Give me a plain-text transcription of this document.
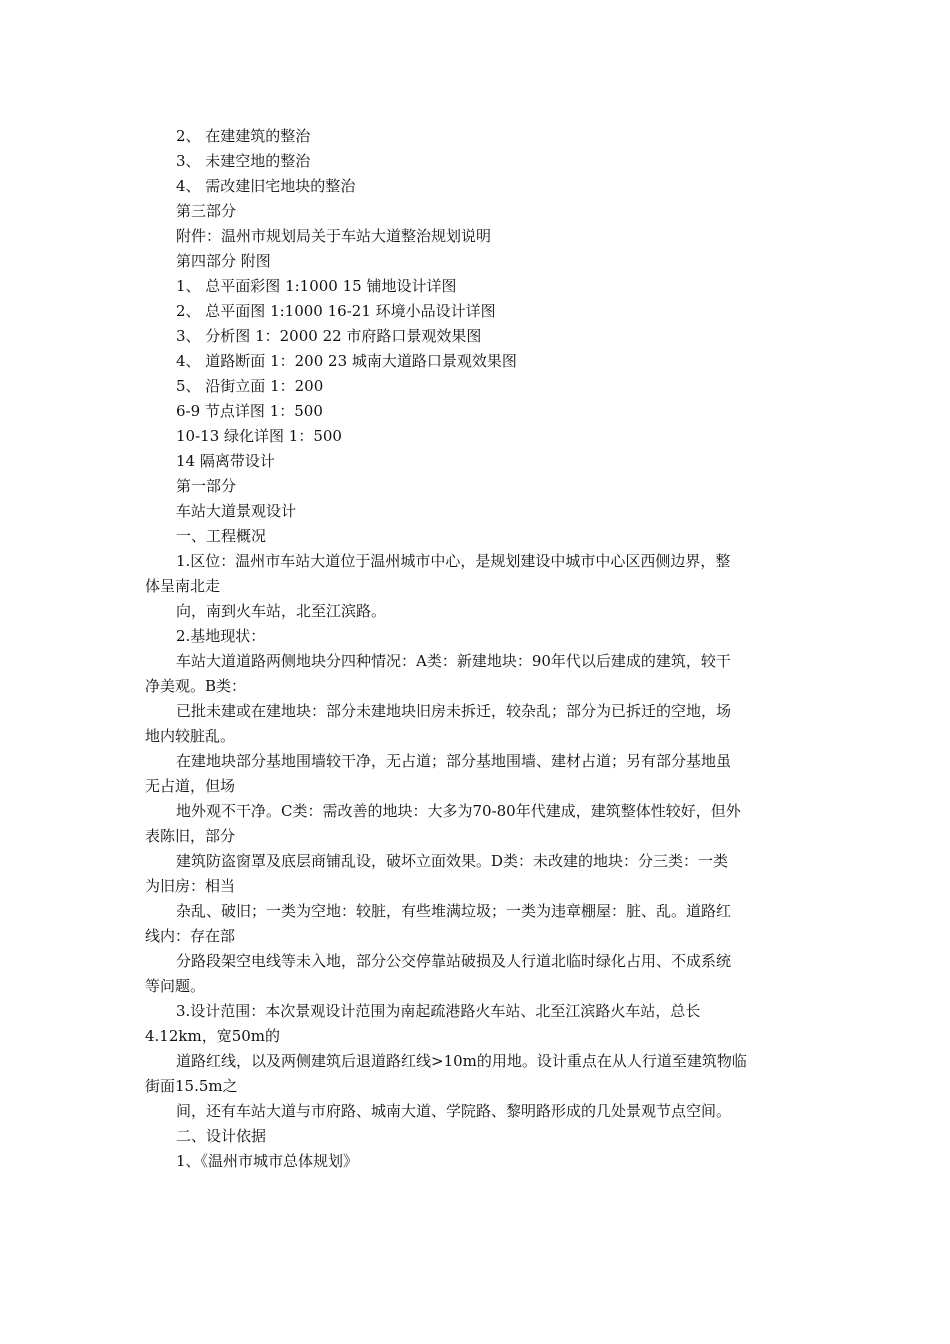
2、 在建建筑的整治
3、 未建空地的整治
4、 需改建旧宅地块的整治
第三部分
附件：温州市规划局关于车站大道整治规划说明
第四部分 附图
1、 总平面彩图 1:1000 15 铺地设计详图
2、 总平面图 1:1000 16-21 环境小品设计详图
3、 分析图 1：2000 22 市府路口景观效果图
4、 道路断面 1：200 23 城南大道路口景观效果图
5、 沿街立面 1：200
6-9 节点详图 1：500
10-13 绿化详图 1：500
14 隔离带设计
第一部分
车站大道景观设计
一、工程概况
1.区位：温州市车站大道位于温州城市中心，是规划建设中城市中心区西侧边界，整
体呈南北走
向，南到火车站，北至江滨路。
2.基地现状：
车站大道道路两侧地块分四种情况：A类：新建地块：90年代以后建成的建筑，较干
净美观。B类：
已批未建或在建地块：部分未建地块旧房未拆迁，较杂乱；部分为已拆迁的空地，场
地内较脏乱。
在建地块部分基地围墙较干净，无占道；部分基地围墙、建材占道；另有部分基地虽
无占道，但场
地外观不干净。C类：需改善的地块：大多为70-80年代建成，建筑整体性较好，但外
表陈旧，部分
建筑防盗窗罩及底层商铺乱设，破坏立面效果。D类：未改建的地块：分三类：一类
为旧房：相当
杂乱、破旧；一类为空地：较脏，有些堆满垃圾；一类为违章棚屋：脏、乱。道路红
线内：存在部
分路段架空电线等未入地，部分公交停靠站破损及人行道北临时绿化占用、不成系统
等问题。
3.设计范围：本次景观设计范围为南起疏港路火车站、北至江滨路火车站，总长
4.12km，宽50m的
道路红线，以及两侧建筑后退道路红线>10m的用地。设计重点在从人行道至建筑物临
街面15.5m之
间，还有车站大道与市府路、城南大道、学院路、黎明路形成的几处景观节点空间。
二、设计依据
1、《温州市城市总体规划》
